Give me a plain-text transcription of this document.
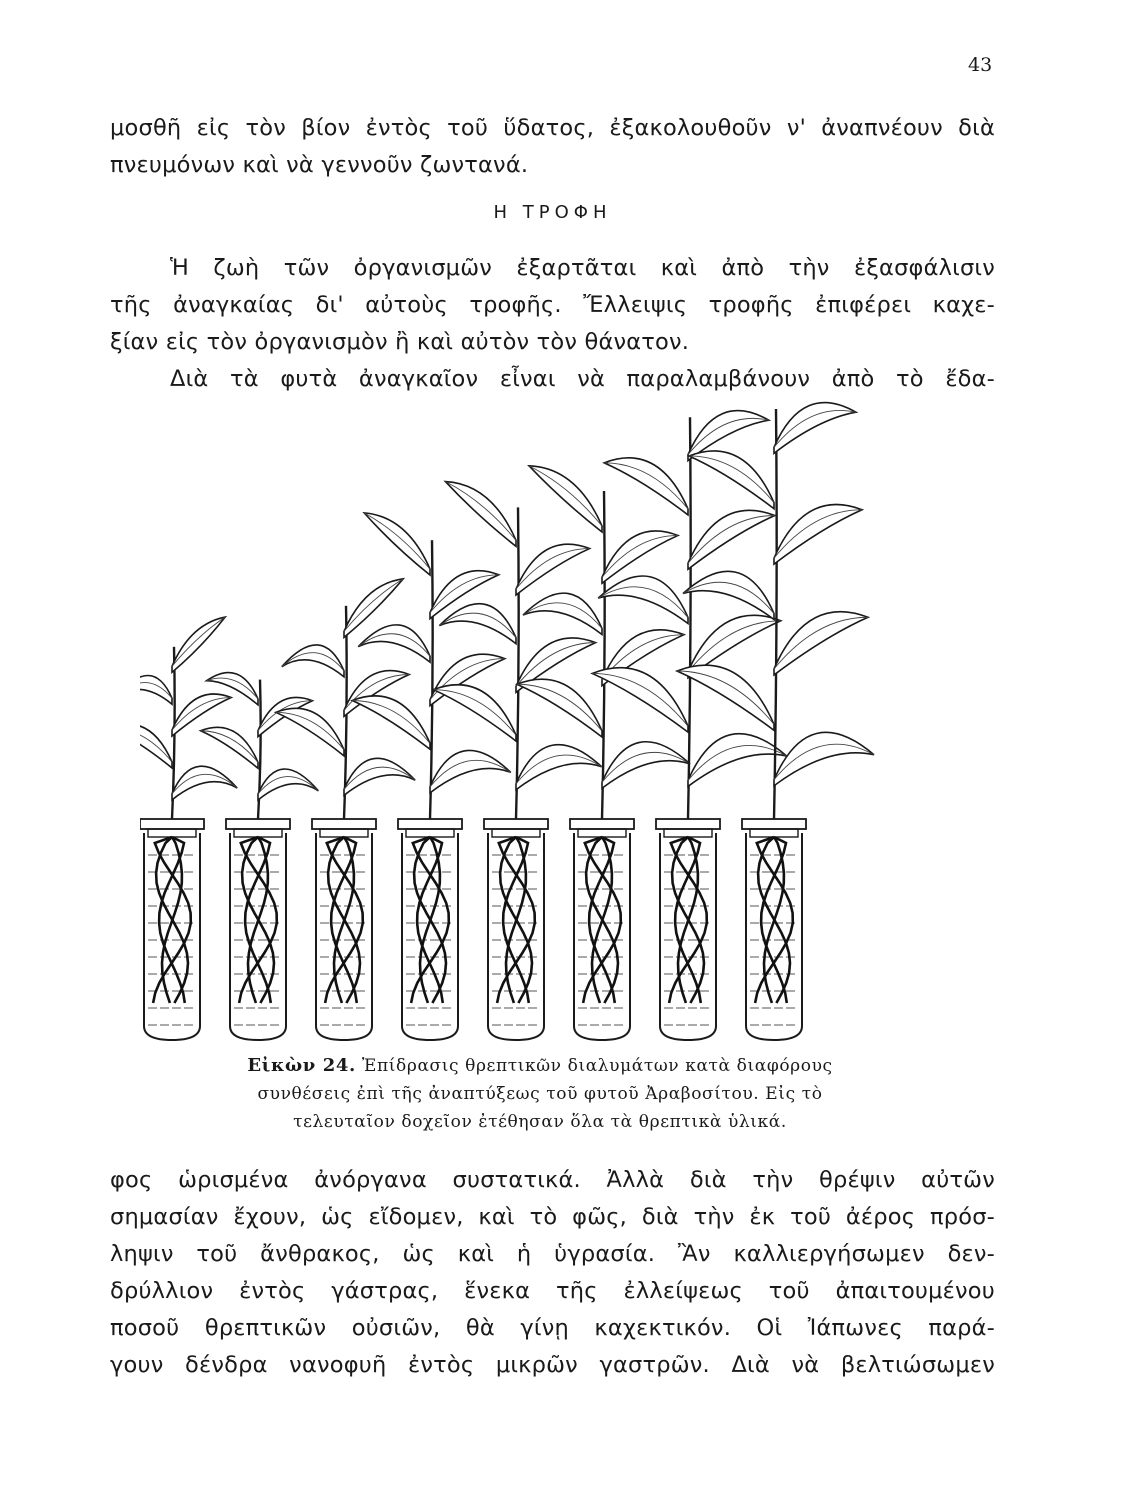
43
μοσθῆ εἰς τὸν βίον ἐντὸς τοῦ ὕδατος, ἐξακολουθοῦν ν' ἀναπνέουν διὰ
πνευμόνων καὶ νὰ γεννοῦν ζωντανά.
Η ΤΡΟΦΗ
Ἡ ζωὴ τῶν ὀργανισμῶν ἐξαρτᾶται καὶ ἀπὸ τὴν ἐξασφάλισιν
τῆς ἀναγκαίας δι' αὐτοὺς τροφῆς. Ἔλλειψις τροφῆς ἐπιφέρει καχε-
ξίαν εἰς τὸν ὀργανισμὸν ἢ καὶ αὐτὸν τὸν θάνατον.
Διὰ τὰ φυτὰ ἀναγκαῖον εἶναι νὰ παραλαμβάνουν ἀπὸ τὸ ἔδα-
Εἰκὼν 24. Ἐπίδρασις θρεπτικῶν διαλυμάτων κατὰ διαφόρους
συνθέσεις ἐπὶ τῆς ἀναπτύξεως τοῦ φυτοῦ Ἀραβοσίτου. Εἰς τὸ
τελευταῖον δοχεῖον ἐτέθησαν ὅλα τὰ θρεπτικὰ ὑλικά.
φος ὡρισμένα ἀνόργανα συστατικά. Ἀλλὰ διὰ τὴν θρέψιν αὐτῶν
σημασίαν ἔχουν, ὡς εἴδομεν, καὶ τὸ φῶς, διὰ τὴν ἐκ τοῦ ἀέρος πρόσ-
ληψιν τοῦ ἄνθρακος, ὡς καὶ ἡ ὑγρασία. Ἂν καλλιεργήσωμεν δεν-
δρύλλιον ἐντὸς γάστρας, ἕνεκα τῆς ἐλλείψεως τοῦ ἀπαιτουμένου
ποσοῦ θρεπτικῶν οὐσιῶν, θὰ γίνῃ καχεκτικόν. Οἱ Ἰάπωνες παρά-
γουν δένδρα νανοφυῆ ἐντὸς μικρῶν γαστρῶν. Διὰ νὰ βελτιώσωμεν
